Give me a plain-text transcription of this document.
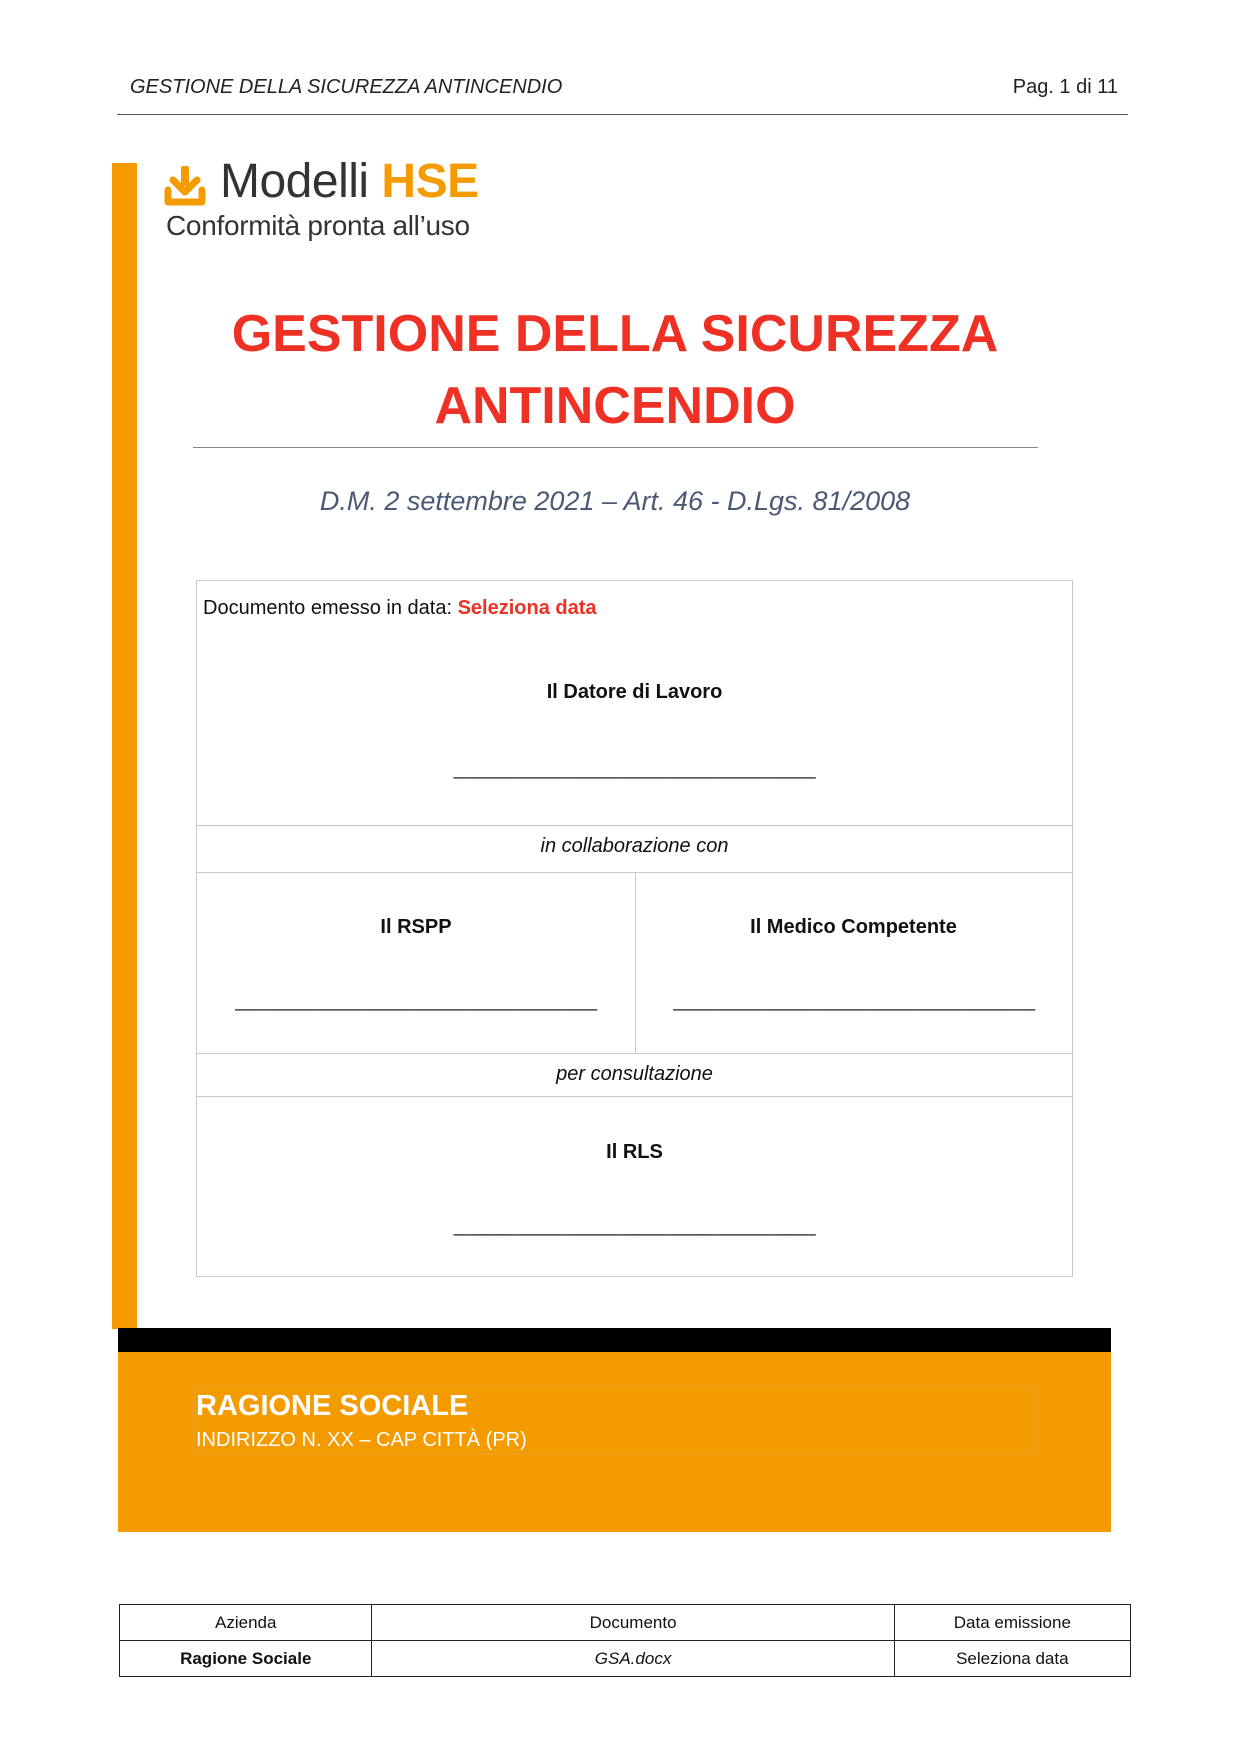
GESTIONE DELLA SICUREZZA ANTINCENDIO	Pag. 1 di 11
Modelli HSE
Conformità pronta all’uso
GESTIONE DELLA SICUREZZA
ANTINCENDIO
D.M. 2 settembre 2021 – Art. 46 - D.Lgs. 81/2008
Documento emesso in data: Seleziona data
Il Datore di Lavoro
______________________________________
in collaborazione con
Il RSPP	Il Medico Competente
______________________________________	______________________________________
per consultazione
Il RLS
______________________________________
RAGIONE SOCIALE
INDIRIZZO N. XX – CAP CITTÀ (PR)
Azienda	Documento	Data emissione
Ragione Sociale	GSA.docx	Seleziona data
